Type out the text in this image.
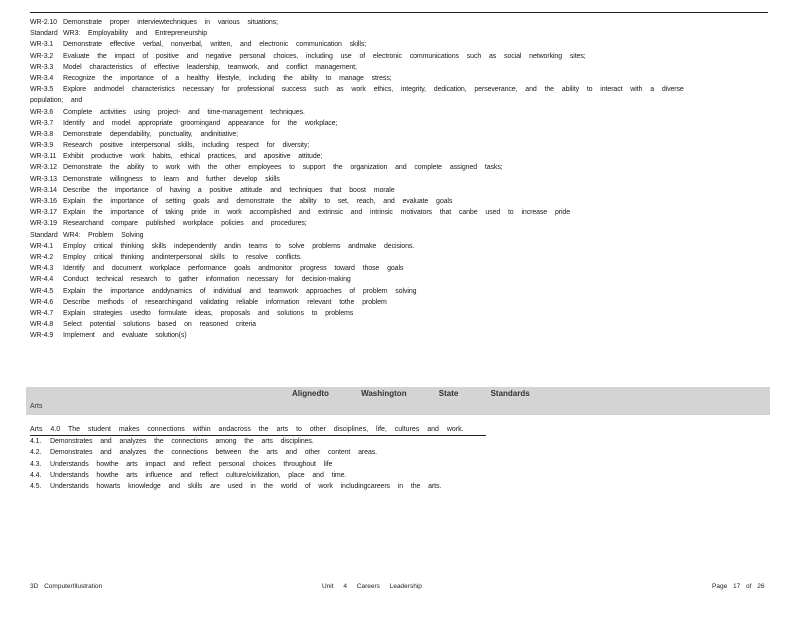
WR-2.10 Demonstrate proper interviewtechniques in various situations;
Standard WR3: Employability and Entrepreneurship
WR-3.1 Demonstrate effective verbal, nonverbal, written, and electronic communication skills;
WR-3.2 Evaluate the impact of positive and negative personal choices, including use of electronic communications such as social networking sites;
WR-3.3 Model characteristics of effective leadership, teamwork, and conflict management;
WR-3.4 Recognize the importance of a healthy lifestyle, including the ability to manage stress;
WR-3.5 Explore andmodel characteristics necessary for professional success such as work ethics, integrity, dedication, perseverance, and the ability to interact with a diverse
population; and
WR-3.6 Complete activities using project- and time-management techniques.
WR-3.7 Identify and model appropriate groomingand appearance for the workplace;
WR-3.8 Demonstrate dependability, punctuality, andinitiative;
WR-3.9 Research positive interpersonal skills, including respect for diversity;
WR-3.11 Exhibit productive work habits, ethical practices, and apositive attitude;
WR-3.12 Demonstrate the ability to work with the other employees to support the organization and complete assigned tasks;
WR-3.13 Demonstrate willingness to learn and further develop skills
WR-3.14 Describe the importance of having a positive attitude and techniques that boost morale
WR-3.16 Explain the importance of setting goals and demonstrate the ability to set, reach, and evaluate goals
WR-3.17 Explain the importance of taking pride in work accomplished and extrinsic and intrinsic motivators that canbe used to increase pride
WR-3.19 Researchand compare published workplace policies and procedures;
Standard WR4: Problem Solving
WR-4.1 Employ critical thinking skills independently andin teams to solve problems andmake decisions.
WR-4.2 Employ critical thinking andinterpersonal skills to resolve conflicts.
WR-4.3 Identify and document workplace performance goals andmonitor progress toward those goals
WR-4.4 Conduct technical research to gather information necessary for decision-making
WR-4.5 Explain the importance anddynamics of individual and teamwork approaches of problem solving
WR-4.6 Describe methods of researchingand validating reliable information relevant tothe problem
WR-4.7 Explain strategies usedto formulate ideas, proposals and solutions to problems
WR-4.8 Select potential solutions based on reasoned criteria
WR-4.9 Implement and evaluate solution(s)
Alignedto Washington State Standards
Arts
Arts 4.0 The student makes connections within andacross the arts to other disciplines, life, cultures and work.
4.1. Demonstrates and analyzes the connections among the arts disciplines.
4.2. Demonstrates and analyzes the connections between the arts and other content areas.
4.3. Understands howthe arts impact and reflect personal choices throughout life
4.4. Understands howthe arts influence and reflect culture/civilization, place and time.
4.5. Understands howarts knowledge and skills are used in the world of work includingcareers in the arts.
3D ComputerIllustration	Unit 4 Careers Leadership	Page 17 of 26
